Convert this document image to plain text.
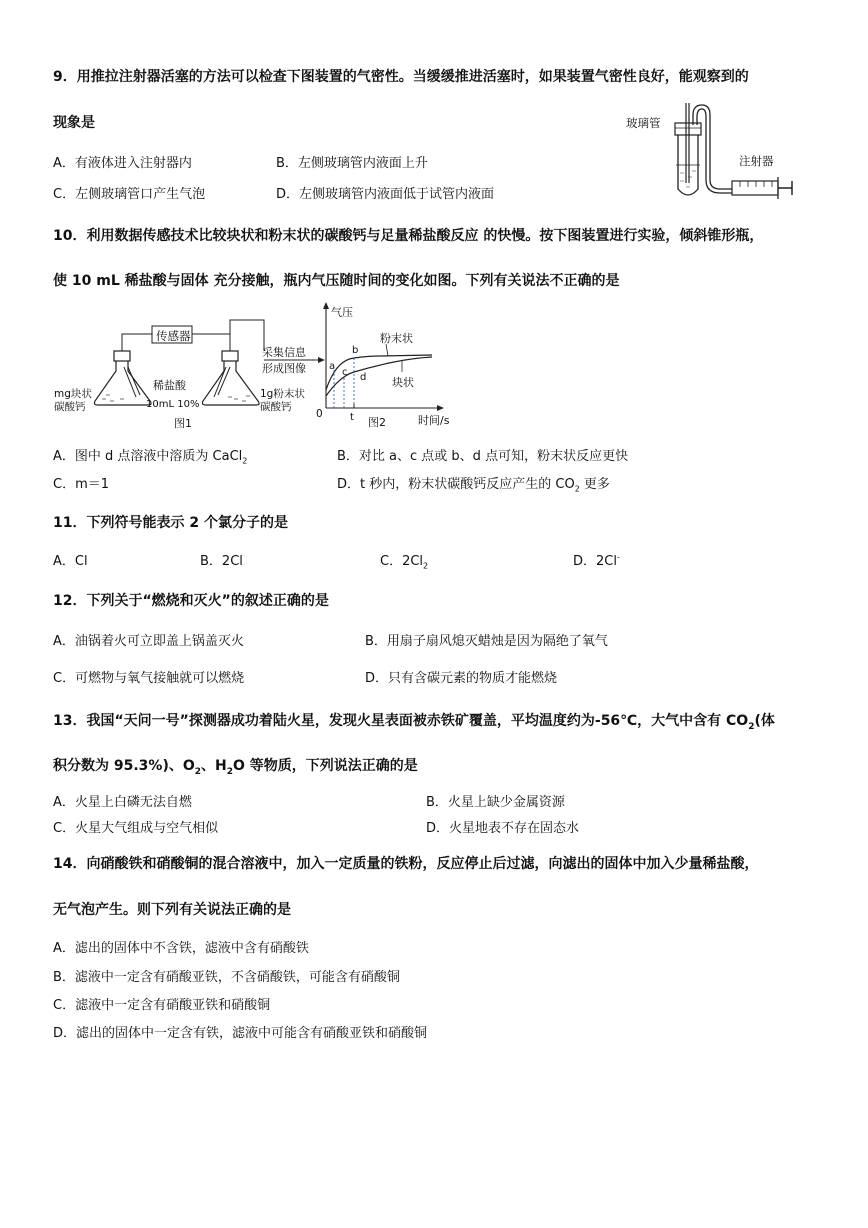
9．用推拉注射器活塞的方法可以检查下图装置的气密性。当缓缓推进活塞时，如果装置气密性良好，能观察到的
现象是
A．有液体进入注射器内	B．左侧玻璃管内液面上升
C．左侧玻璃管口产生气泡	D．左侧玻璃管内液面低于试管内液面
玻璃管
注射器
10．利用数据传感技术比较块状和粉末状的碳酸钙与足量稀盐酸反应 的快慢。按下图装置进行实验，倾斜锥形瓶，
使 10 mL 稀盐酸与固体 充分接触，瓶内气压随时间的变化如图。下列有关说法不正确的是
传感器
采集信息
形成图像
mg块状
碳酸钙
稀盐酸
10mL 10%
1g粉末状
碳酸钙
图1
气压
时间/s
0
a
b
c d
t
粉末状
块状
图2
A．图中 d 点溶液中溶质为 CaCl$_2$	B．对比 a、c 点或 b、d 点可知，粉末状反应更快
C．m＝1	D．t 秒内，粉末状碳酸钙反应产生的 $CO_2$ 更多
11．下列符号能表示 2 个氯分子的是
A．Cl	B．2Cl	C．$2Cl_2$	D．2Cl-
12．下列关于“燃烧和灭火”的叙述正确的是
A．油锅着火可立即盖上锅盖灭火	B．用扇子扇风熄灭蜡烛是因为隔绝了氧气
C．可燃物与氧气接触就可以燃烧	D．只有含碳元素的物质才能燃烧
13．我国“天问一号”探测器成功着陆火星，发现火星表面被赤铁矿覆盖，平均温度约为-56℃，大气中含有 $CO_2$(体
积分数为 95.3%)、$O_2$、$H_2O$ 等物质，下列说法正确的是
A．火星上白磷无法自燃	B．火星上缺少金属资源
C．火星大气组成与空气相似	D．火星地表不存在固态水
14．向硝酸铁和硝酸铜的混合溶液中，加入一定质量的铁粉，反应停止后过滤，向滤出的固体中加入少量稀盐酸，
无气泡产生。则下列有关说法正确的是
A．滤出的固体中不含铁，滤液中含有硝酸铁
B．滤液中一定含有硝酸亚铁，不含硝酸铁，可能含有硝酸铜
C．滤液中一定含有硝酸亚铁和硝酸铜
D．滤出的固体中一定含有铁，滤液中可能含有硝酸亚铁和硝酸铜
